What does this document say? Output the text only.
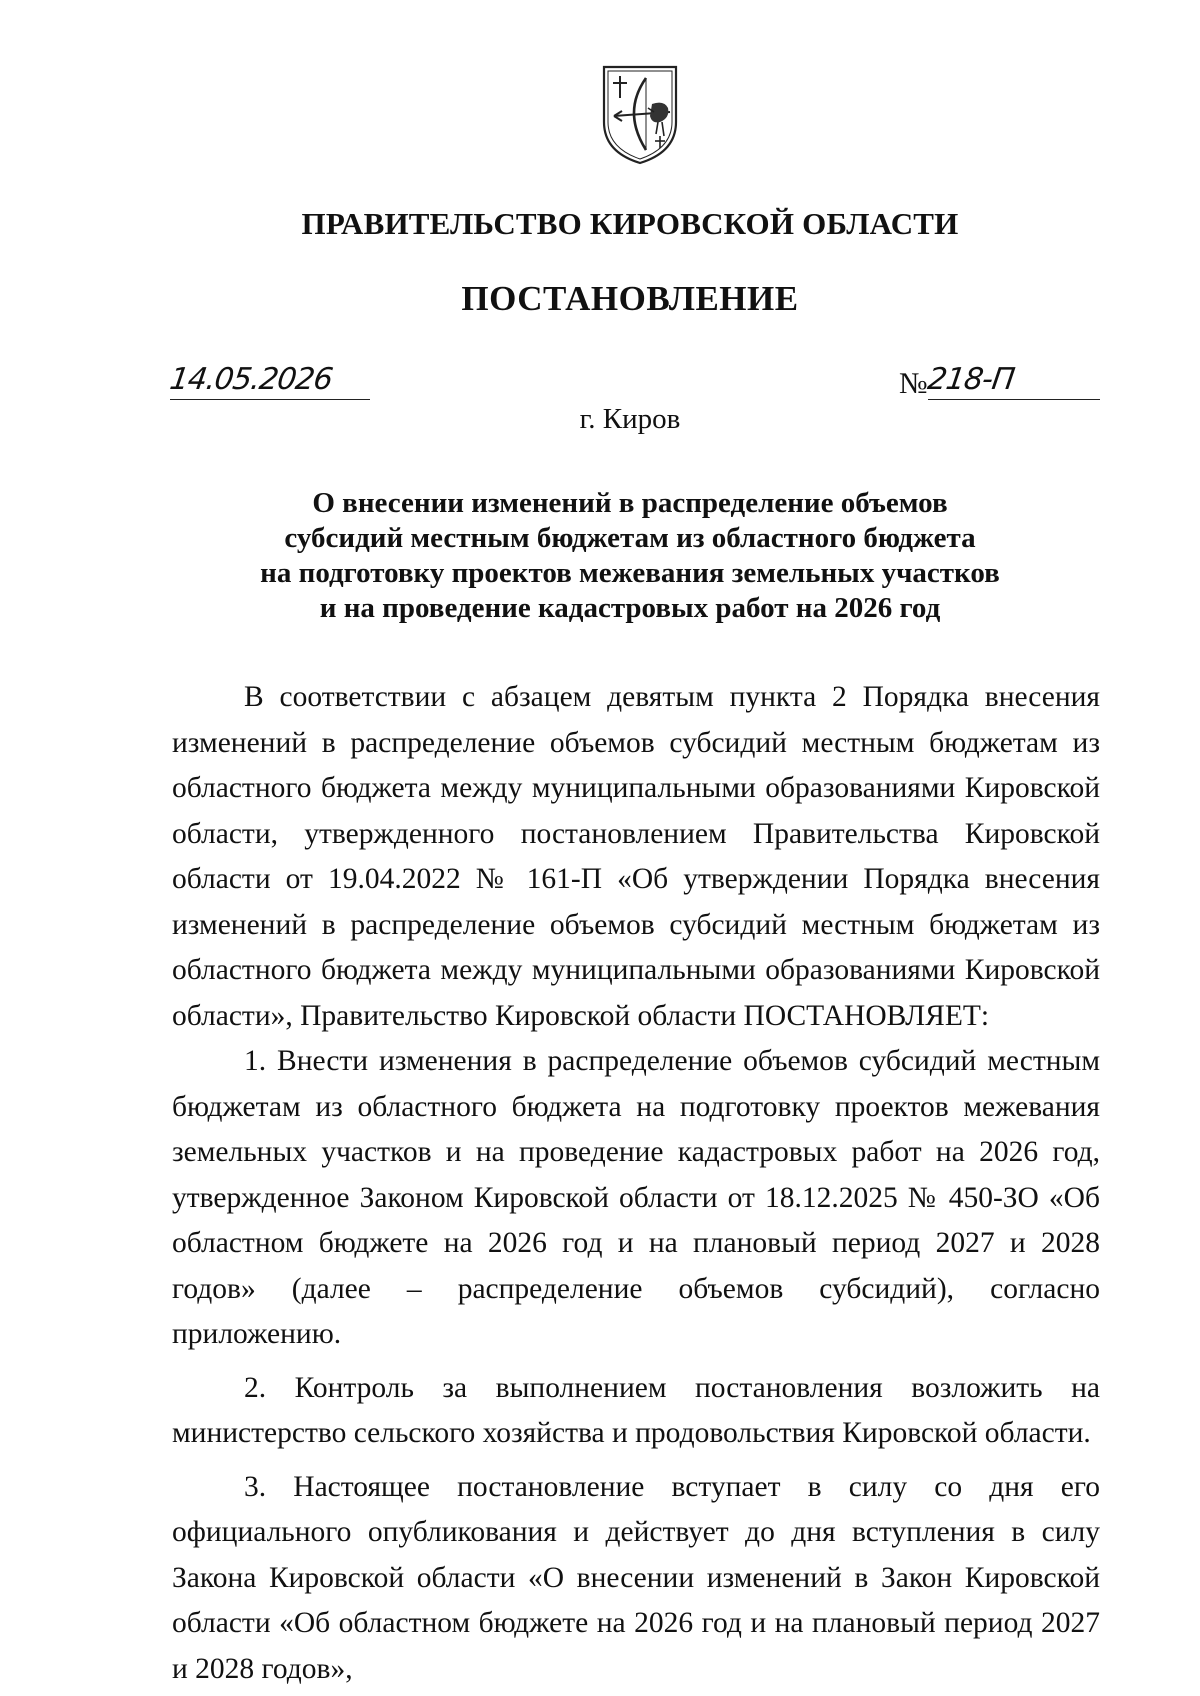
ПРАВИТЕЛЬСТВО КИРОВСКОЙ ОБЛАСТИ
ПОСТАНОВЛЕНИЕ
14.05.2026	№
218-П
г. Киров
О внесении изменений в распределение объемов
субсидий местным бюджетам из областного бюджета
на подготовку проектов межевания земельных участков
и на проведение кадастровых работ на 2026 год

В соответствии с абзацем девятым пункта 2 Порядка внесения изменений в распределение объемов субсидий местным бюджетам из областного бюджета между муниципальными образованиями Кировской области, утвержденного постановлением Правительства Кировской области от 19.04.2022 № 161-П «Об утверждении Порядка внесения изменений в распределение объемов субсидий местным бюджетам из областного бюджета между муниципальными образованиями Кировской области», Правительство Кировской области ПОСТАНОВЛЯЕТ:

1. Внести изменения в распределение объемов субсидий местным бюджетам из областного бюджета на подготовку проектов межевания земельных участков и на проведение кадастровых работ на 2026 год, утвержденное Законом Кировской области от 18.12.2025 № 450-ЗО «Об областном бюджете на 2026 год и на плановый период 2027 и 2028 годов» (далее – распределение объемов субсидий), согласно приложению.

2. Контроль за выполнением постановления возложить на министерство сельского хозяйства и продовольствия Кировской области.

3. Настоящее постановление вступает в силу со дня его официального опубликования и действует до дня вступления в силу Закона Кировской области «О внесении изменений в Закон Кировской области «Об областном бюджете на 2026 год и на плановый период 2027 и 2028 годов»,
